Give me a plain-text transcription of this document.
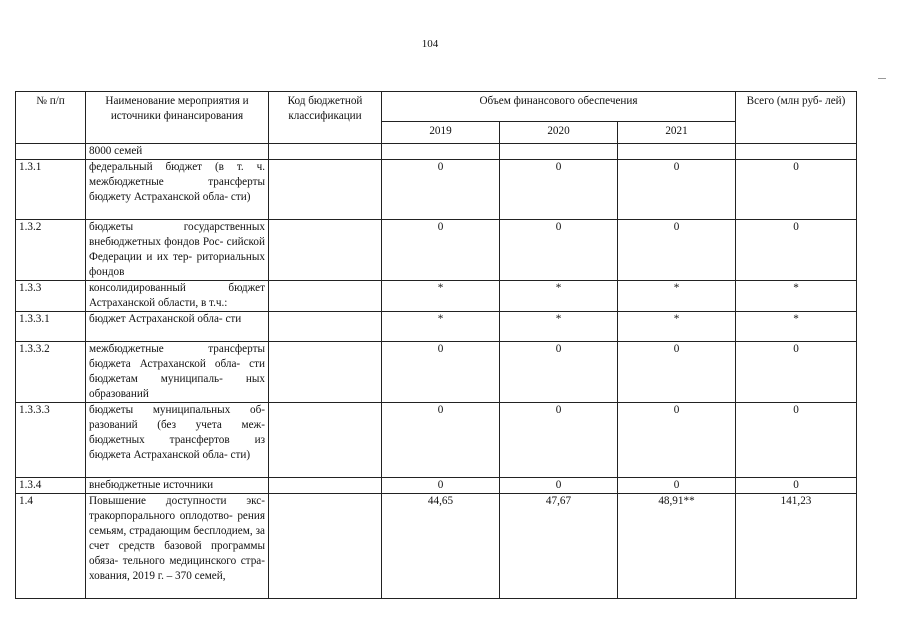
104
№ п/п	Наименование мероприятия и источники финансирования	Код бюджетной классификации	Объем финансового обеспечения			Всего (млн руб- лей)
			2019	2020	2021	
	8000 семей					
1.3.1	федеральный бюджет (в т. ч. межбюджетные трансферты бюджету Астраханской обла- сти)		0	0	0	0
1.3.2	бюджеты государственных внебюджетных фондов Рос- сийской Федерации и их тер- риториальных фондов		0	0	0	0
1.3.3	консолидированный бюджет Астраханской области, в т.ч.:		*	*	*	*
1.3.3.1	бюджет Астраханской обла- сти		*	*	*	*
1.3.3.2	межбюджетные трансферты бюджета Астраханской обла- сти бюджетам муниципаль- ных образований		0	0	0	0
1.3.3.3	бюджеты муниципальных об- разований (без учета меж- бюджетных трансфертов из бюджета Астраханской обла- сти)		0	0	0	0
1.3.4	внебюджетные источники		0	0	0	0
1.4	Повышение доступности экс- тракорпорального оплодотво- рения семьям, страдающим бесплодием, за счет средств базовой программы обяза- тельного медицинского стра- хования, 2019 г. – 370 семей,		44,65	47,67	48,91**	141,23
